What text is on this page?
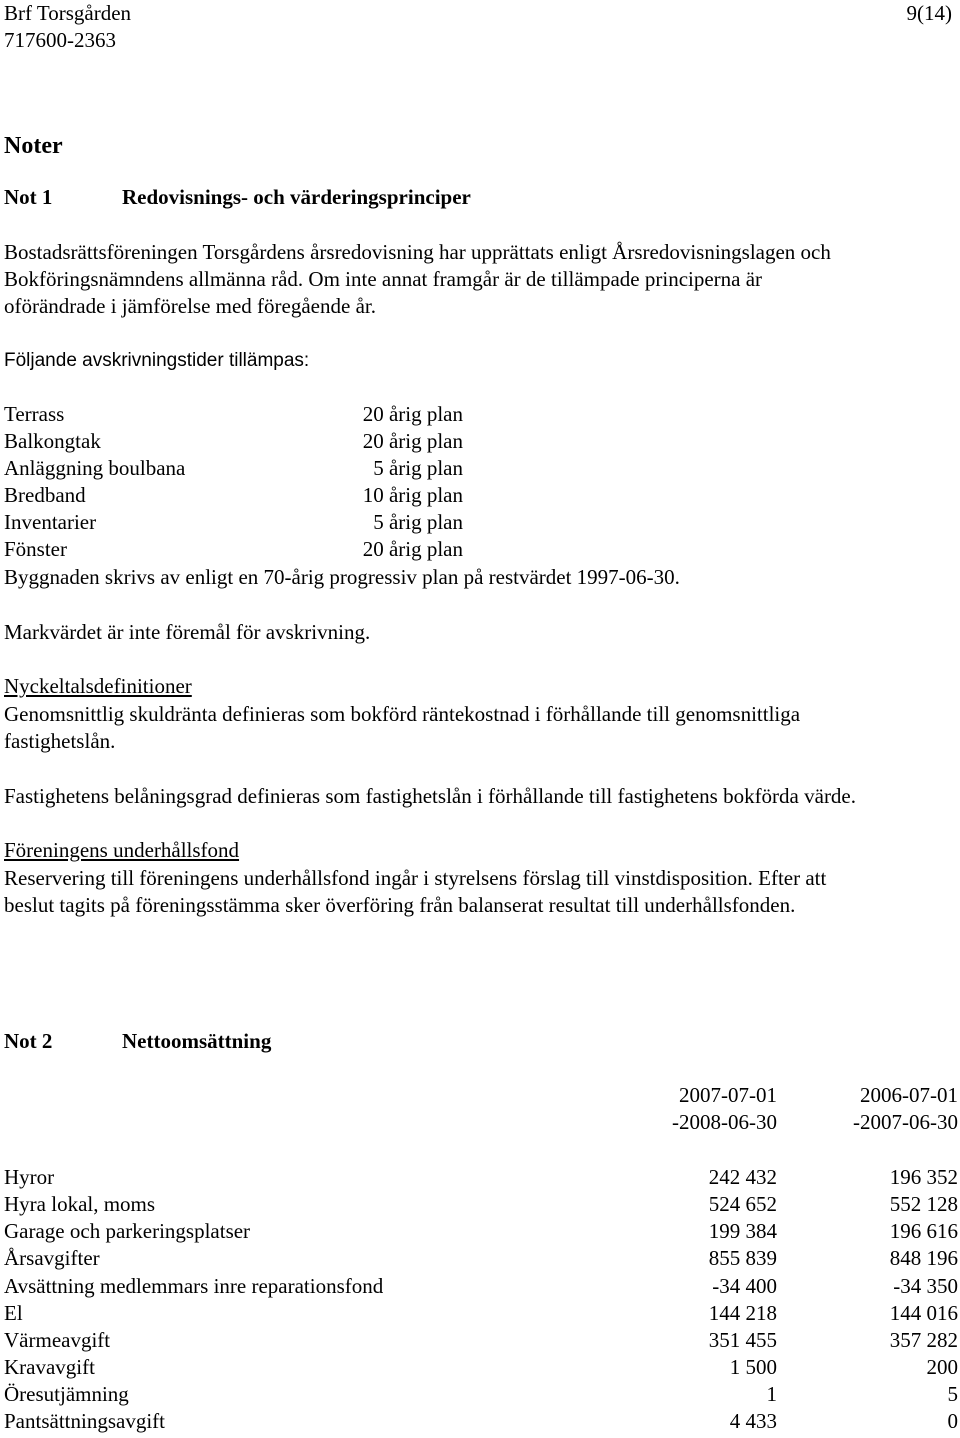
Brf Torsgården
717600-2363
9(14)
Noter
Not 1	Redovisnings- och värderingsprinciper
Bostadsrättsföreningen Torsgårdens årsredovisning har upprättats enligt Årsredovisningslagen och
Bokföringsnämndens allmänna råd. Om inte annat framgår är de tillämpade principerna är
oförändrade i jämförelse med föregående år.
Följande avskrivningstider tillämpas:
Terrass	20 årig plan
Balkongtak	20 årig plan
Anläggning boulbana	5 årig plan
Bredband	10 årig plan
Inventarier	5 årig plan
Fönster	20 årig plan
Byggnaden skrivs av enligt en 70-årig progressiv plan på restvärdet 1997-06-30.
Markvärdet är inte föremål för avskrivning.
Nyckeltalsdefinitioner
Genomsnittlig skuldränta definieras som bokförd räntekostnad i förhållande till genomsnittliga
fastighetslån.
Fastighetens belåningsgrad definieras som fastighetslån i förhållande till fastighetens bokförda värde.
Föreningens underhållsfond
Reservering till föreningens underhållsfond ingår i styrelsens förslag till vinstdisposition. Efter att
beslut tagits på föreningsstämma sker överföring från balanserat resultat till underhållsfonden.
Not 2	Nettoomsättning
2007-07-01
-2008-06-30
2006-07-01
-2007-06-30
Hyror	242 432	196 352
Hyra lokal, moms	524 652	552 128
Garage och parkeringsplatser	199 384	196 616
Årsavgifter	855 839	848 196
Avsättning medlemmars inre reparationsfond	-34 400	-34 350
El	144 218	144 016
Värmeavgift	351 455	357 282
Kravavgift	1 500	200
Öresutjämning	1	5
Pantsättningsavgift	4 433	0
